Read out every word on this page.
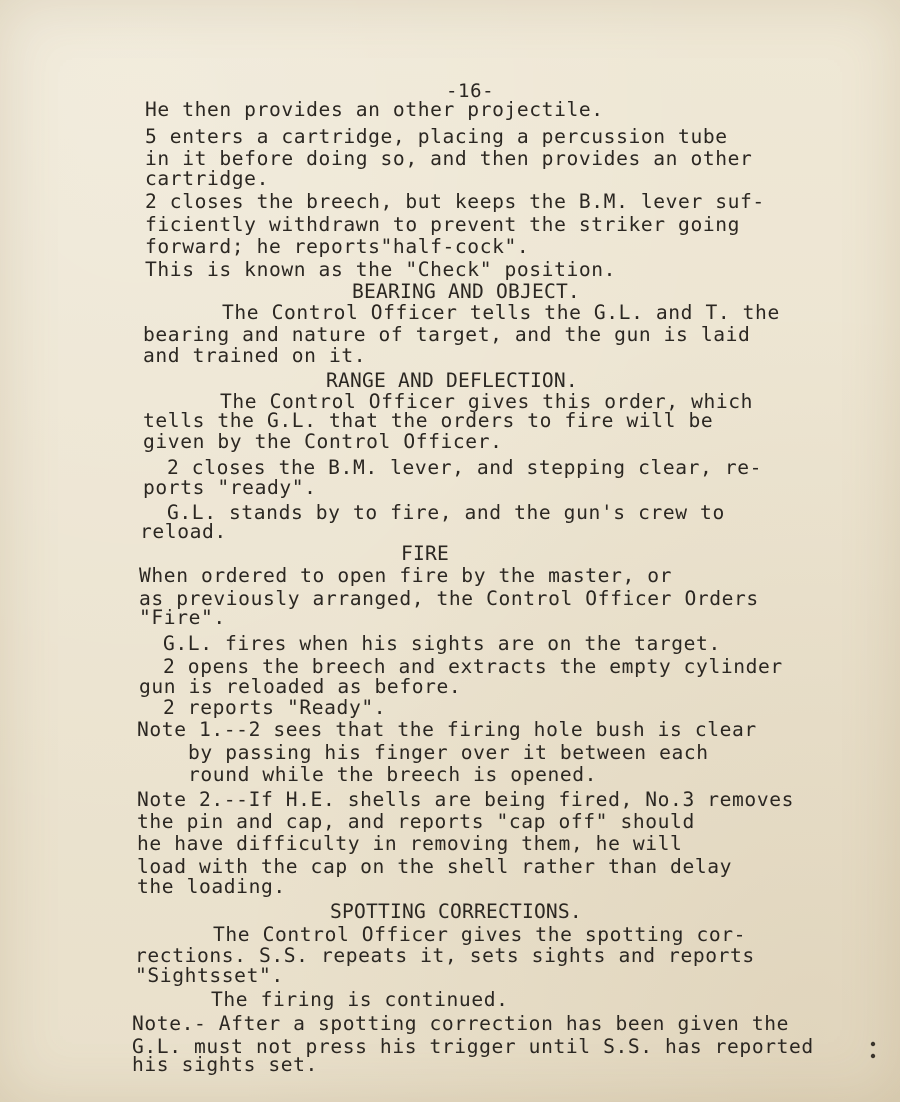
-16-
He then provides an other projectile.
5 enters a cartridge, placing a percussion tube
in it before doing so, and then provides an other
cartridge.
2 closes the breech, but keeps the B.M. lever suf-
ficiently withdrawn to prevent the striker going
forward; he reports"half-cock".
This is known as the "Check" position.
BEARING AND OBJECT.
The Control Officer tells the G.L. and T. the
bearing and nature of target, and the gun is laid
and trained on it.
RANGE AND DEFLECTION.
The Control Officer gives this order, which
tells the G.L. that the orders to fire will be
given by the Control Officer.
2 closes the B.M. lever, and stepping clear, re-
ports "ready".
G.L. stands by to fire, and the gun's crew to
reload.
FIRE
When ordered to open fire by the master, or
as previously arranged, the Control Officer Orders
"Fire".
G.L. fires when his sights are on the target.
2 opens the breech and extracts the empty cylinder
gun is reloaded as before.
2 reports "Ready".
Note 1.--2 sees that the firing hole bush is clear
by passing his finger over it between each
round while the breech is opened.
Note 2.--If H.E. shells are being fired, No.3 removes
the pin and cap, and reports "cap off" should
he have difficulty in removing them, he will
load with the cap on the shell rather than delay
the loading.
SPOTTING CORRECTIONS.
The Control Officer gives the spotting cor-
rections. S.S. repeats it, sets sights and reports
"Sightsset".
The firing is continued.
Note.- After a spotting correction has been given the
G.L. must not press his trigger until S.S. has reported
his sights set.
